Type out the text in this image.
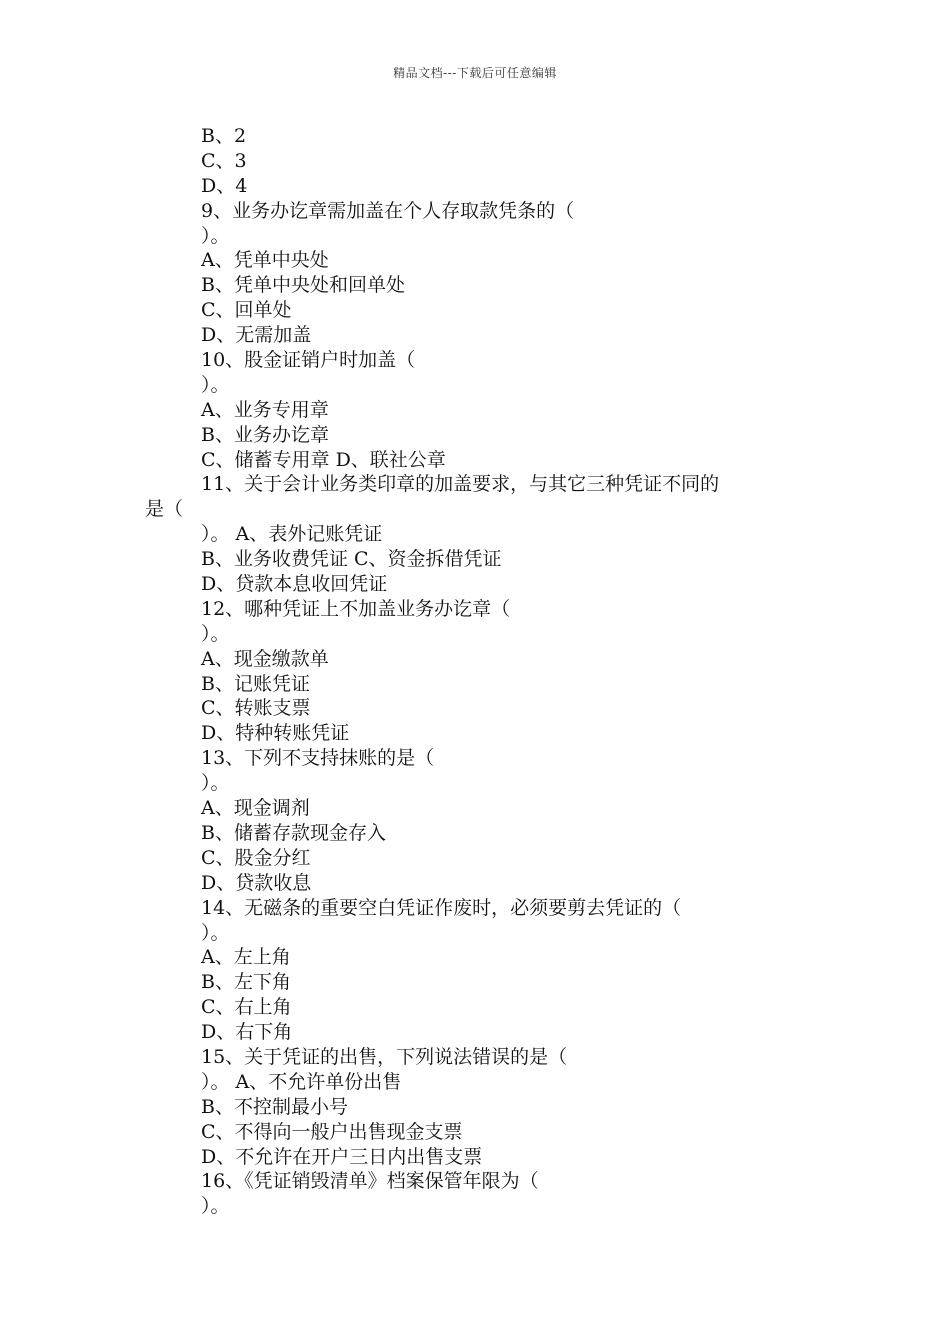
精品文档---下载后可任意编辑
B、2
C、3
D、4
9、业务办讫章需加盖在个人存取款凭条的（
）。
A、凭单中央处
B、凭单中央处和回单处
C、回单处
D、无需加盖
10、股金证销户时加盖（
）。
A、业务专用章
B、业务办讫章
C、储蓄专用章 D、联社公章
11、关于会计业务类印章的加盖要求，与其它三种凭证不同的
是（
）。 A、表外记账凭证
B、业务收费凭证 C、资金拆借凭证
D、贷款本息收回凭证
12、哪种凭证上不加盖业务办讫章（
）。
A、现金缴款单
B、记账凭证
C、转账支票
D、特种转账凭证
13、下列不支持抹账的是（
）。
A、现金调剂
B、储蓄存款现金存入
C、股金分红
D、贷款收息
14、无磁条的重要空白凭证作废时，必须要剪去凭证的（
）。
A、左上角
B、左下角
C、右上角
D、右下角
15、关于凭证的出售，下列说法错误的是（
）。 A、不允许单份出售
B、不控制最小号
C、不得向一般户出售现金支票
D、不允许在开户三日内出售支票
16、《凭证销毁清单》档案保管年限为（
）。
